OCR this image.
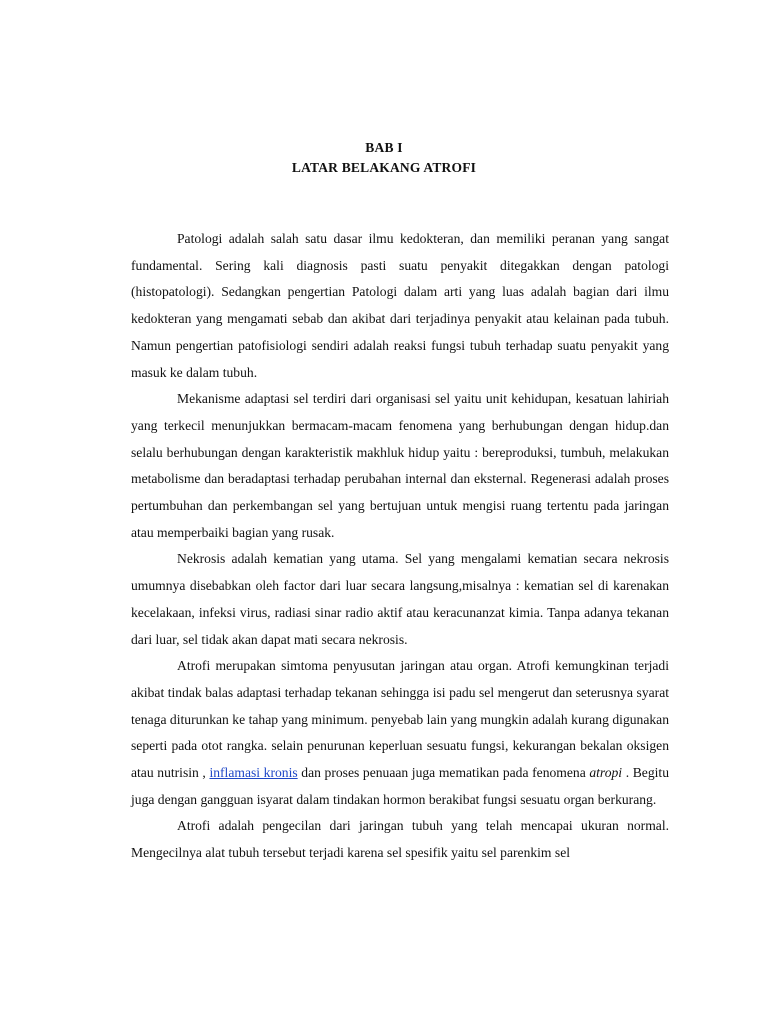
BAB I
LATAR BELAKANG ATROFI

Patologi adalah salah satu dasar ilmu kedokteran, dan memiliki peranan yang sangat fundamental. Sering kali diagnosis pasti suatu penyakit ditegakkan dengan patologi (histopatologi). Sedangkan pengertian Patologi dalam arti yang luas adalah bagian dari ilmu kedokteran yang mengamati sebab dan akibat dari terjadinya penyakit atau kelainan pada tubuh. Namun pengertian patofisiologi sendiri adalah reaksi fungsi tubuh terhadap suatu penyakit yang masuk ke dalam tubuh.

Mekanisme adaptasi sel terdiri dari organisasi sel yaitu unit kehidupan, kesatuan lahiriah yang terkecil menunjukkan bermacam-macam fenomena yang berhubungan dengan hidup.dan selalu berhubungan dengan karakteristik makhluk hidup yaitu : bereproduksi, tumbuh, melakukan metabolisme dan beradaptasi terhadap perubahan internal dan eksternal. Regenerasi adalah proses pertumbuhan dan perkembangan sel yang bertujuan untuk mengisi ruang tertentu pada jaringan atau memperbaiki bagian yang rusak.

Nekrosis adalah kematian yang utama. Sel yang mengalami kematian secara nekrosis umumnya disebabkan oleh factor dari luar secara langsung,misalnya : kematian sel di karenakan kecelakaan, infeksi virus, radiasi sinar radio aktif atau keracunanzat kimia. Tanpa adanya tekanan dari luar, sel tidak akan dapat mati secara nekrosis.

Atrofi merupakan simtoma penyusutan jaringan atau organ. Atrofi kemungkinan terjadi akibat tindak balas adaptasi terhadap tekanan sehingga isi padu sel mengerut dan seterusnya syarat tenaga diturunkan ke tahap yang minimum. penyebab lain yang mungkin adalah kurang digunakan seperti pada otot rangka. selain penurunan keperluan sesuatu fungsi, kekurangan bekalan oksigen atau nutrisin , inflamasi kronis dan proses penuaan juga mematikan pada fenomena atropi . Begitu juga dengan gangguan isyarat dalam tindakan hormon berakibat fungsi sesuatu organ berkurang.

Atrofi adalah pengecilan dari jaringan tubuh yang telah mencapai ukuran normal. Mengecilnya alat tubuh tersebut terjadi karena sel spesifik yaitu sel parenkim sel
